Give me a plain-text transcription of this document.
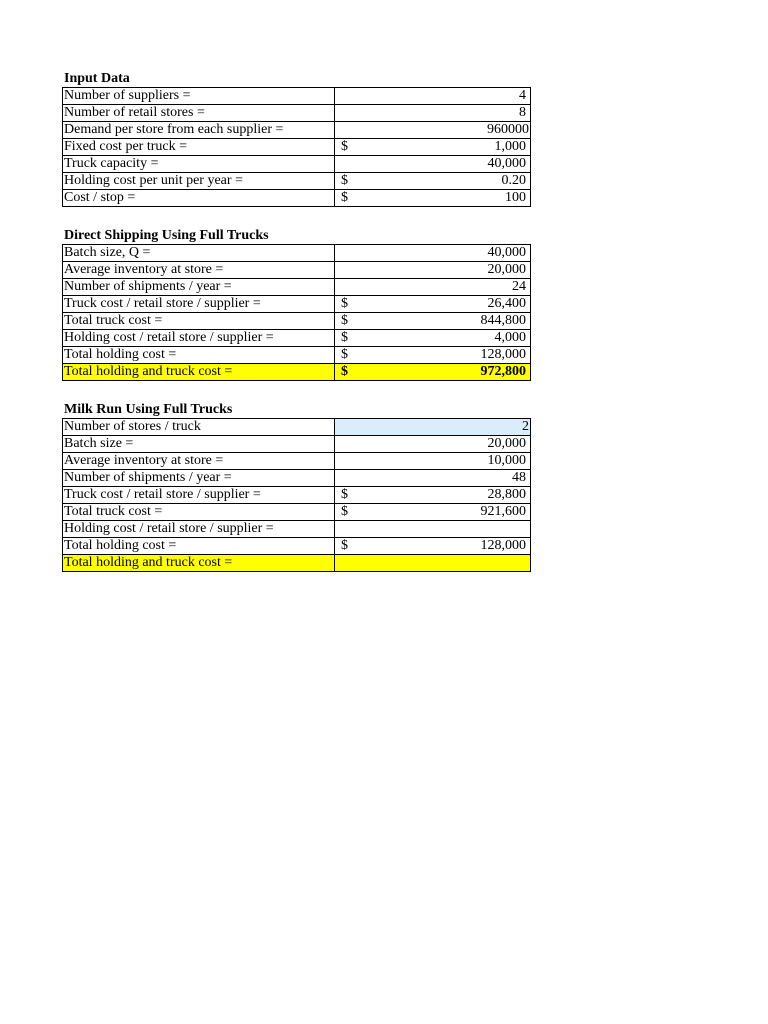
Input Data
Number of suppliers =	4

Number of retail stores =	8

Demand per store from each supplier =	960000

Fixed cost per truck =	$ 1,000

Truck capacity =	40,000

Holding cost per unit per year =	$ 0.20

Cost / stop =	$ 100
Direct Shipping Using Full Trucks
Batch size, Q =	40,000

Average inventory at store =	20,000

Number of shipments / year =	24

Truck cost / retail store / supplier =	$ 26,400

Total truck cost =	$ 844,800

Holding cost / retail store / supplier =	$ 4,000

Total holding cost =	$ 128,000

Total holding and truck cost =	$ 972,800
Milk Run Using Full Trucks
Number of stores / truck	2

Batch size =	20,000

Average inventory at store =	10,000

Number of shipments / year =	48

Truck cost / retail store / supplier =	$ 28,800

Total truck cost =	$ 921,600

Holding cost / retail store / supplier =	

Total holding cost =	$ 128,000

Total holding and truck cost =	
